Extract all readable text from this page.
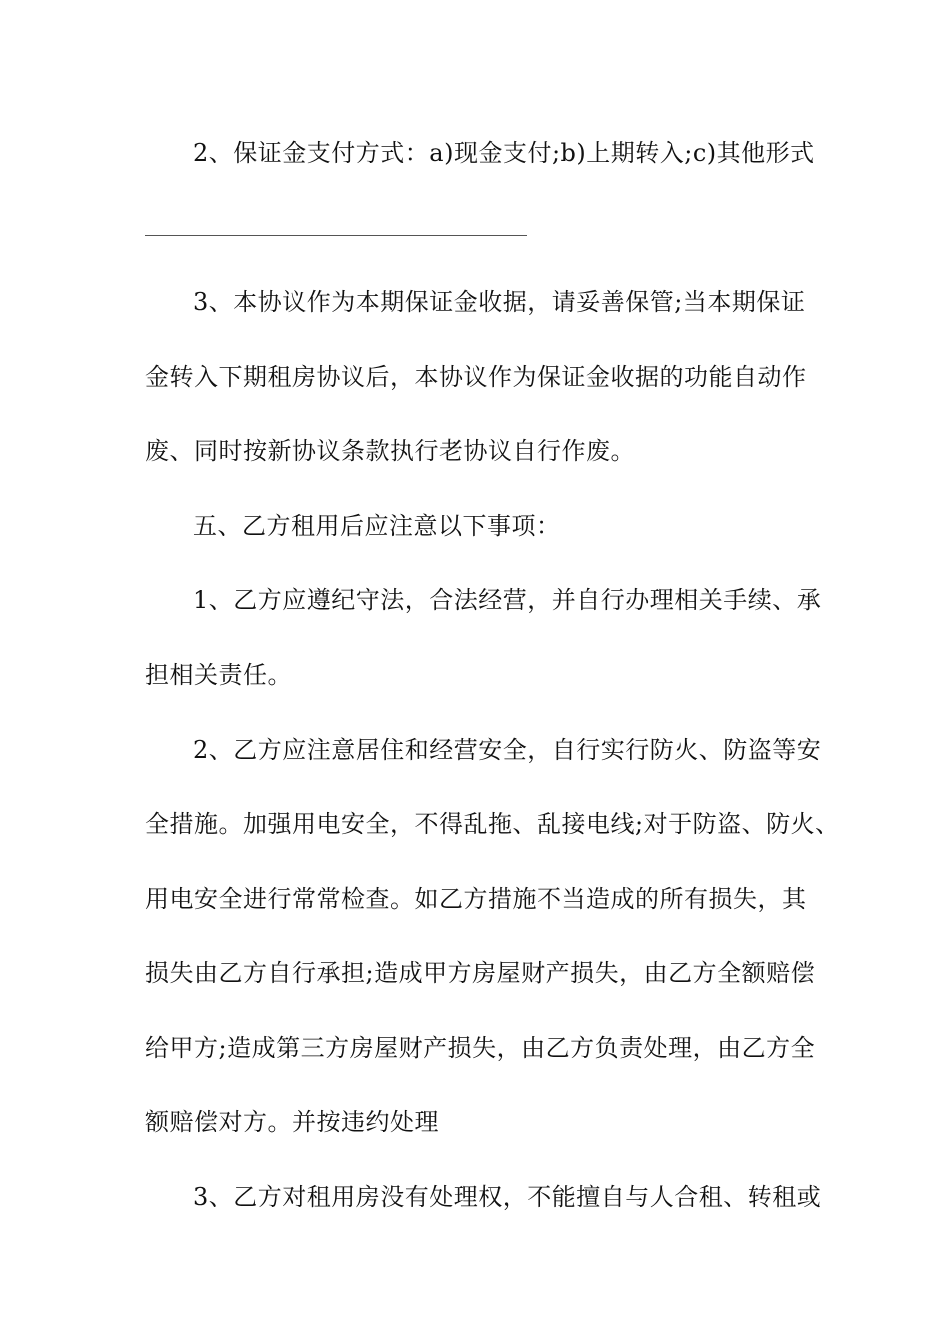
2、保证金支付方式：a)现金支付;b)上期转入;c)其他形式
3、本协议作为本期保证金收据，请妥善保管;当本期保证
金转入下期租房协议后，本协议作为保证金收据的功能自动作
废、同时按新协议条款执行老协议自行作废。
五、乙方租用后应注意以下事项：
1、乙方应遵纪守法，合法经营，并自行办理相关手续、承
担相关责任。
2、乙方应注意居住和经营安全，自行实行防火、防盗等安
全措施。加强用电安全，不得乱拖、乱接电线;对于防盗、防火、
用电安全进行常常检查。如乙方措施不当造成的所有损失，其
损失由乙方自行承担;造成甲方房屋财产损失，由乙方全额赔偿
给甲方;造成第三方房屋财产损失，由乙方负责处理，由乙方全
额赔偿对方。并按违约处理
3、乙方对租用房没有处理权，不能擅自与人合租、转租或
